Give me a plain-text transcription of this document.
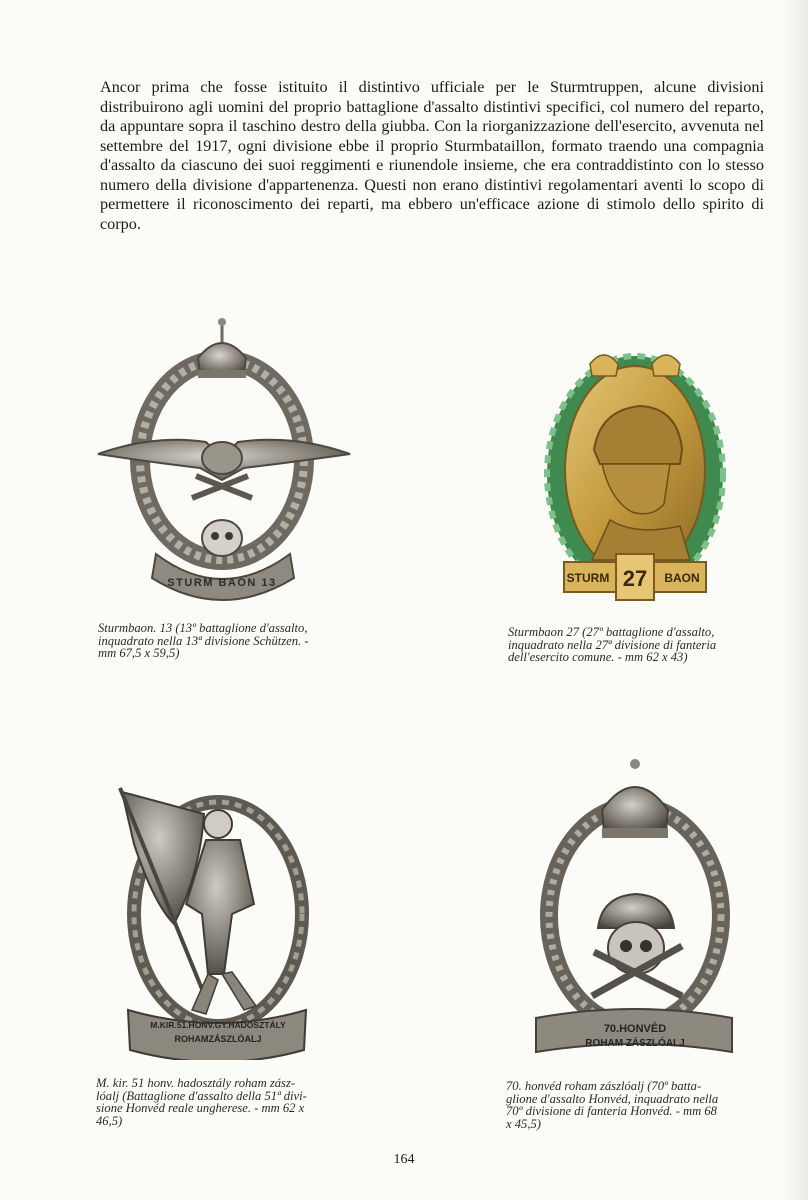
Ancor prima che fosse istituito il distintivo ufficiale per le Sturmtruppen, alcune divisioni distribuirono agli uomini del proprio battaglione d'assalto distintivi specifici, col numero del reparto, da appuntare sopra il taschino destro della giubba. Con la riorganizzazione dell'esercito, avvenuta nel settembre del 1917, ogni divisione ebbe il proprio Sturmbataillon, formato traendo una compagnia d'assalto da ciascuno dei suoi reggimenti e riunendole insieme, che era contraddistinto con lo stesso numero della divisione d'appartenenza. Questi non erano distintivi regolamentari aventi lo scopo di permettere il riconoscimento dei reparti, ma ebbero un'efficace azione di stimolo dello spirito di corpo.

STURM BAON 13	STURM 27 BAON
M.KIR.51.HONV.GY.HADOSZTÁLY
ROHAMZÁSZLÓALJ
70.HONVÉD
ROHAM ZÁSZLÓALJ
Sturmbaon. 13 (13º battaglione d'assalto,
inquadrato nella 13ª divisione Schützen. -
mm 67,5 x 59,5)
Sturmbaon 27 (27º battaglione d'assalto,
inquadrato nella 27ª divisione di fanteria
dell'esercito comune. - mm 62 x 43)
M. kir. 51 honv. hadosztály roham zász-
lóalj (Battaglione d'assalto della 51ª divi-
sione Honvéd reale ungherese. - mm 62 x
46,5)
70. honvéd roham zászlóalj (70º batta-
glione d'assalto Honvéd, inquadrato nella
70º divisione di fanteria Honvéd. - mm 68
x 45,5)
164
